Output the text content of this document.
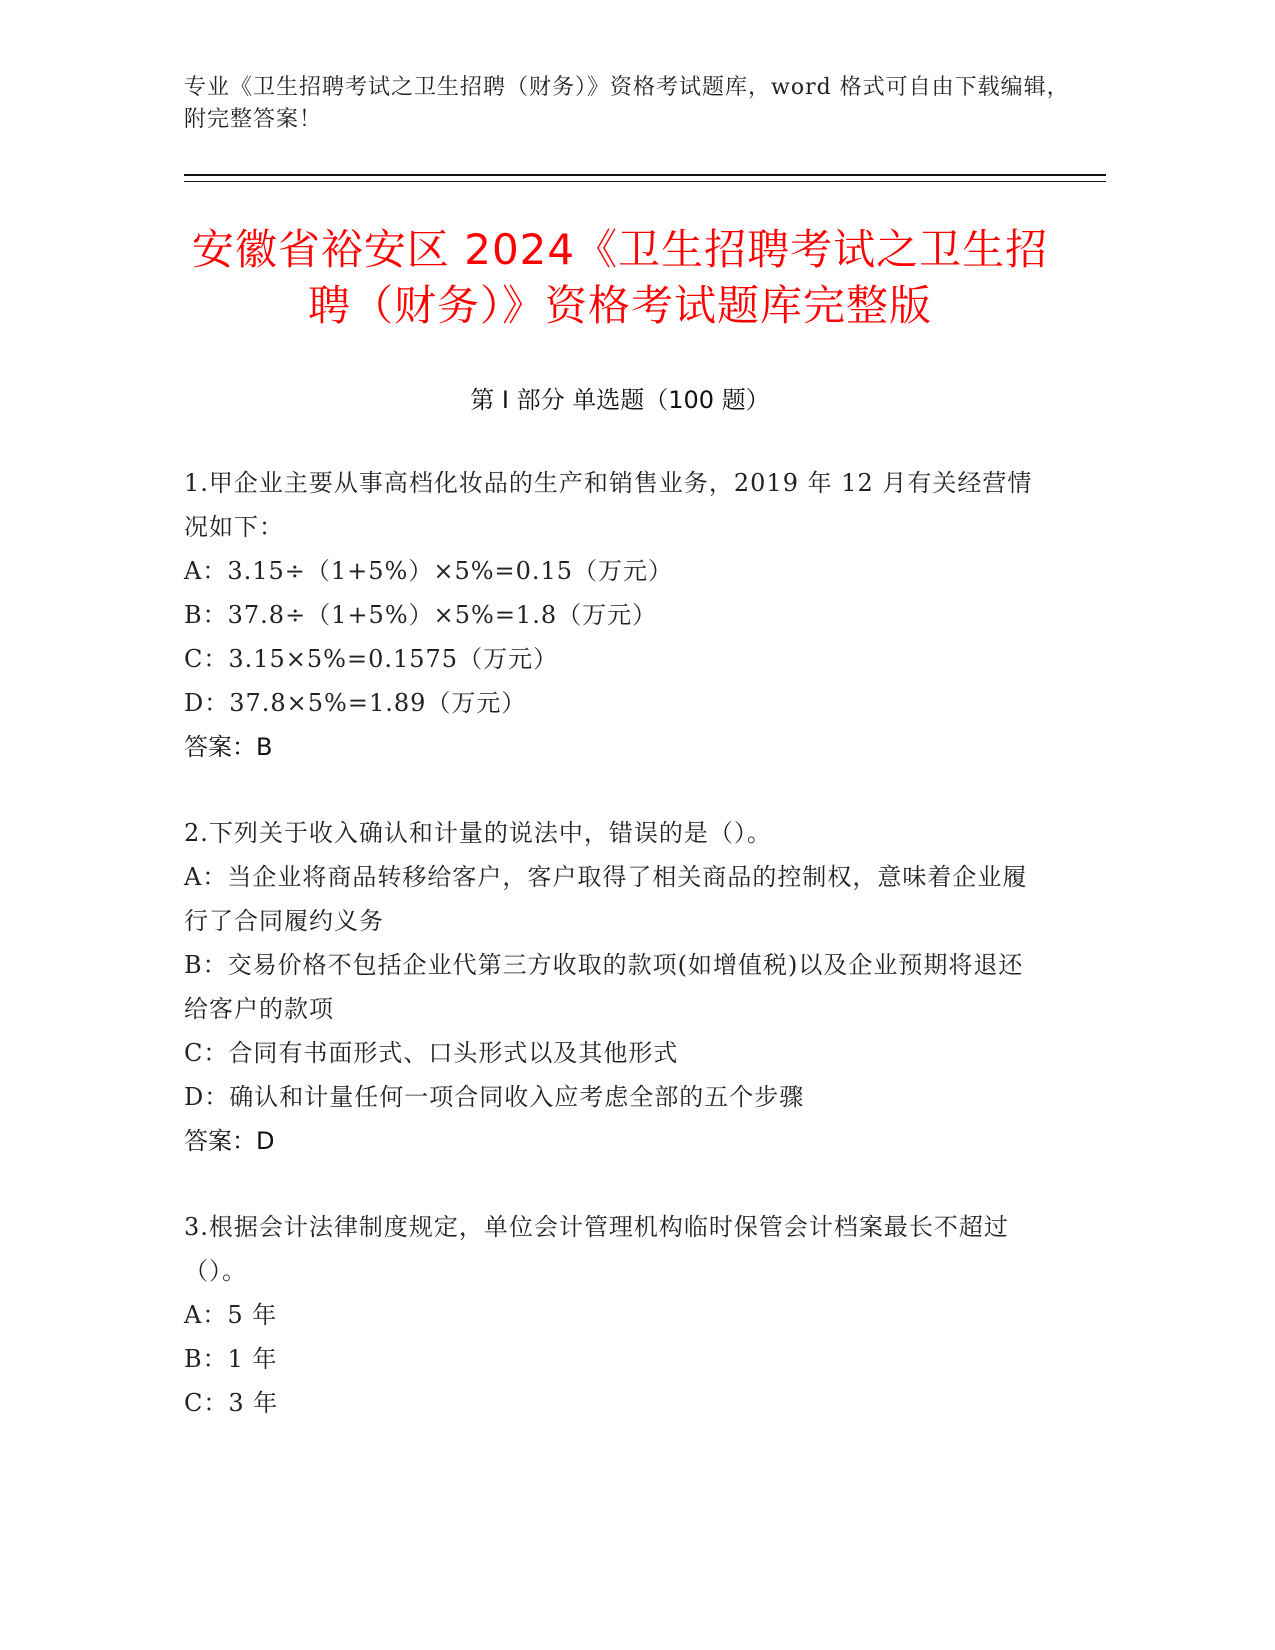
专业《卫生招聘考试之卫生招聘（财务）》资格考试题库，word 格式可自由下载编辑，附完整答案！
安徽省裕安区 2024《卫生招聘考试之卫生招聘（财务）》资格考试题库完整版
第 I 部分 单选题（100 题）
1.甲企业主要从事高档化妆品的生产和销售业务，2019 年 12 月有关经营情况如下：
A：3.15÷（1+5%）×5%=0.15（万元）
B：37.8÷（1+5%）×5%=1.8（万元）
C：3.15×5%=0.1575（万元）
D：37.8×5%=1.89（万元）
答案：B
2.下列关于收入确认和计量的说法中，错误的是（）。
A：当企业将商品转移给客户，客户取得了相关商品的控制权，意味着企业履行了合同履约义务
B：交易价格不包括企业代第三方收取的款项(如增值税)以及企业预期将退还给客户的款项
C：合同有书面形式、口头形式以及其他形式
D：确认和计量任何一项合同收入应考虑全部的五个步骤
答案：D
3.根据会计法律制度规定，单位会计管理机构临时保管会计档案最长不超过（）。
A：5 年
B：1 年
C：3 年
